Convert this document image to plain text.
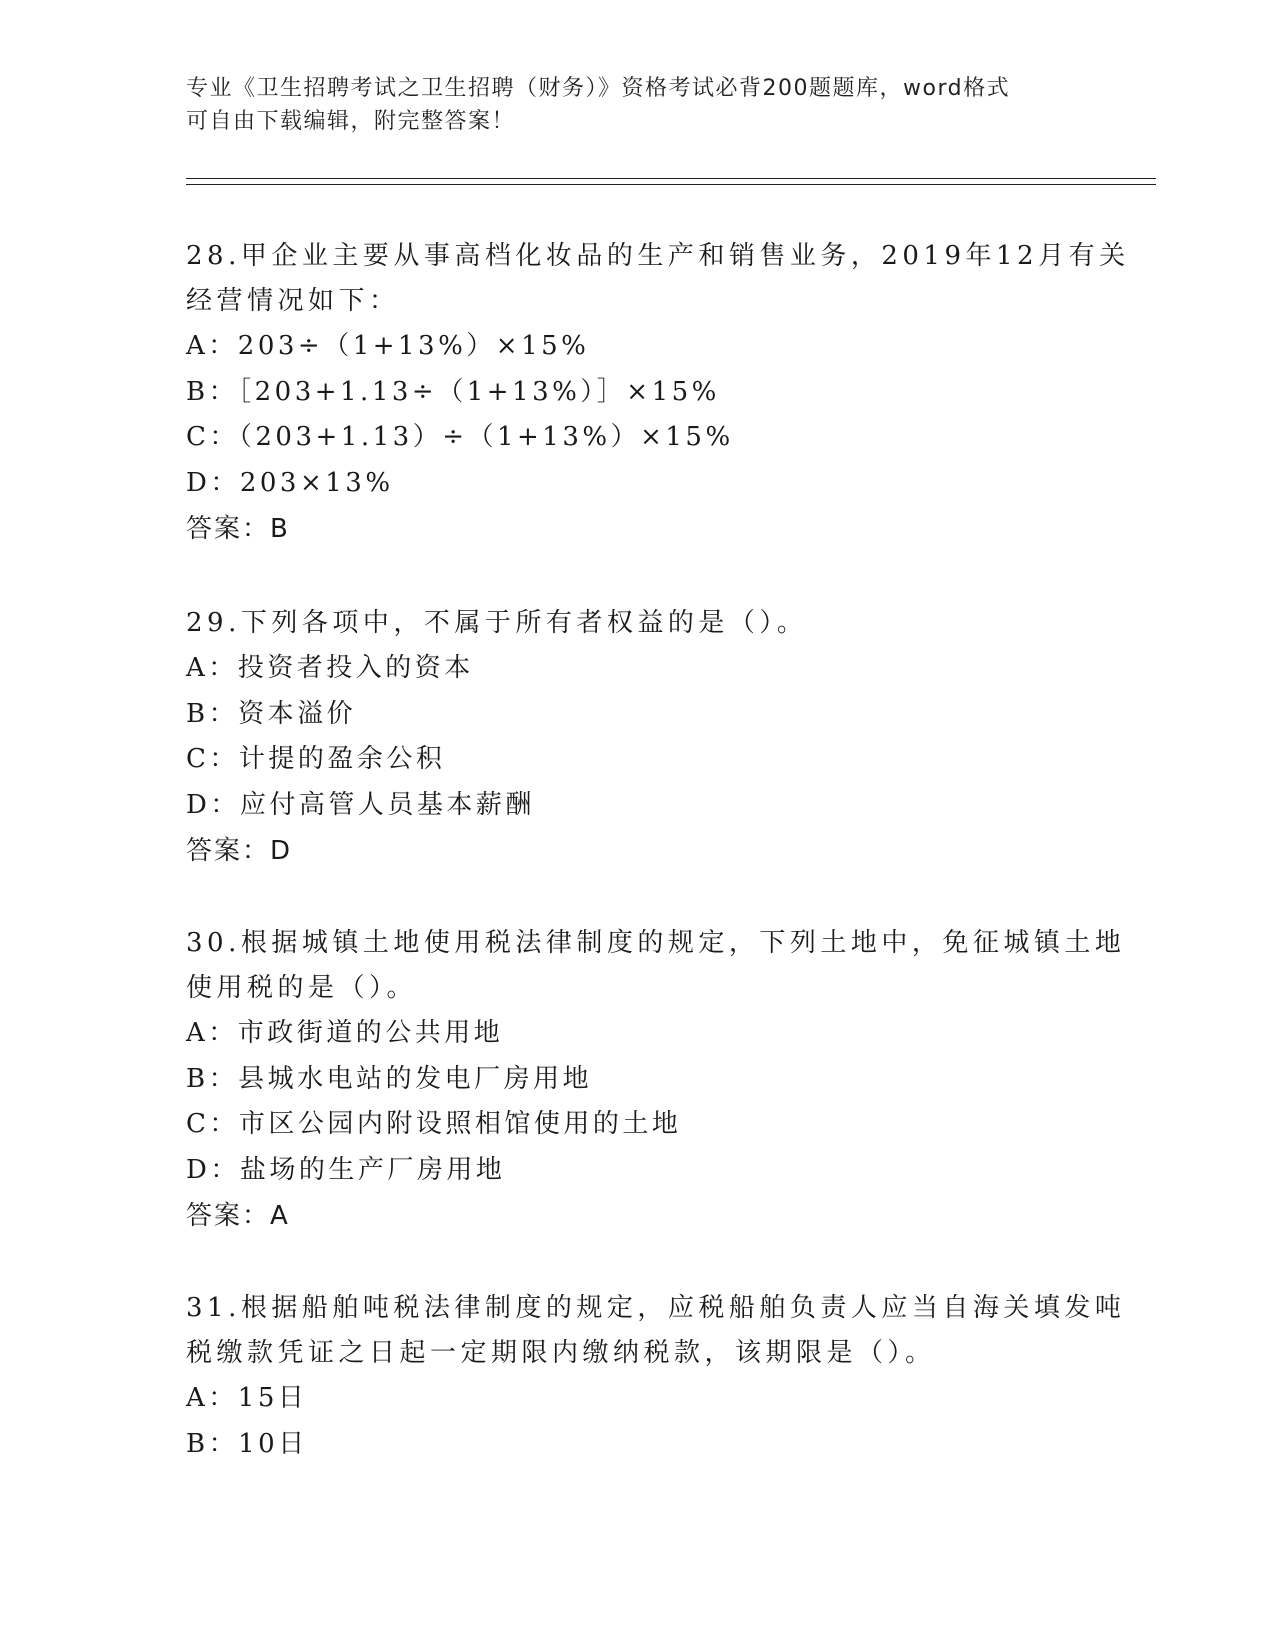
专业《卫生招聘考试之卫生招聘（财务）》资格考试必背200题题库，word格式
可自由下载编辑，附完整答案！
28.甲企业主要从事高档化妆品的生产和销售业务，2019年12月有关
经营情况如下：
A：203÷（1+13%）×15%
B：［203+1.13÷（1+13%）］×15%
C：（203+1.13）÷（1+13%）×15%
D：203×13%
答案：B
29.下列各项中，不属于所有者权益的是（）。
A：投资者投入的资本
B：资本溢价
C：计提的盈余公积
D：应付高管人员基本薪酬
答案：D
30.根据城镇土地使用税法律制度的规定，下列土地中，免征城镇土地
使用税的是（）。
A：市政街道的公共用地
B：县城水电站的发电厂房用地
C：市区公园内附设照相馆使用的土地
D：盐场的生产厂房用地
答案：A
31.根据船舶吨税法律制度的规定，应税船舶负责人应当自海关填发吨
税缴款凭证之日起一定期限内缴纳税款，该期限是（）。
A：15日
B：10日
